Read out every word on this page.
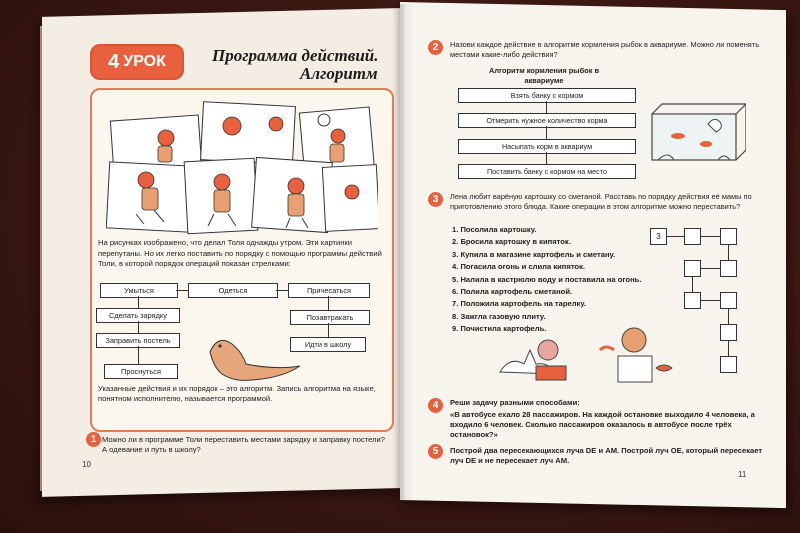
4 УРОК	Программа действий.
Алгоритм
На рисунках изображено, что делал Толя однажды утром. Эти картинки перепутаны. Но их легко поставить по порядку с помощью программы действий Толи, в которой порядок операций показан стрелками:
Умыться	Одеться	Причесаться
Сделать зарядку
Заправить постель
Проснуться
Позавтракать
Идти в школу
Указанные действия и их порядок – это алгоритм. Запись алгоритма на языке, понятном исполнителю, называется программой.
1 Можно ли в программе Толи переставить местами зарядку и заправку постели? А одевание и путь в школу?
10
2	Назови каждое действие в алгоритме кормления рыбок в аквариуме. Можно ли поменять местами какие-либо действия?
Алгоритм кормления рыбок в аквариуме
Взять банку с кормом
Отмерить нужное количество корма
Насыпать корм в аквариум
Поставить банку с кормом на место
3	Лена любит варёную картошку со сметаной. Расставь по порядку действия её мамы по приготовлению этого блюда. Какие операции в этом алгоритме можно переставить?
1. Посолила картошку.
2. Бросила картошку в кипяток.
3. Купила в магазине картофель и сметану.
4. Погасила огонь и слила кипяток.
5. Налила в кастрюлю воду и поставила на огонь.
6. Полила картофель сметаной.
7. Положила картофель на тарелку.
8. Зажгла газовую плиту.
9. Почистила картофель.
3
4	Реши задачу разными способами:
«В автобусе ехало 28 пассажиров. На каждой остановке выходило 4 человека, а входило 6 человек. Сколько пассажиров оказалось в автобусе после трёх остановок?»
5	Построй два пересекающихся луча DE и AM. Построй луч OE, который пересекает луч DE и не пересекает луч AM.
11
